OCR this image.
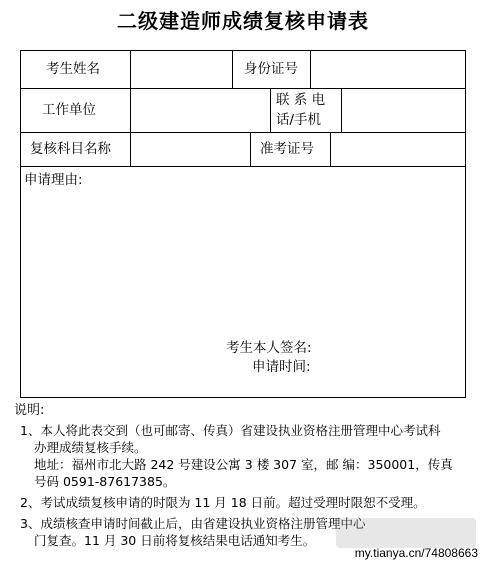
二级建造师成绩复核申请表
考生姓名	身份证号
工作单位
联 系 电
话/手机
复核科目名称	准考证号
申请理由:
考生本人签名:
申请时间:
说明:
1、本人将此表交到（也可邮寄、传真）省建设执业资格注册管理中心考试科
办理成绩复核手续。
地址：福州市北大路 242 号建设公寓 3 楼 307 室，邮 编：350001，传真
号码 0591-87617385。
2、考试成绩复核申请的时限为 11 月 18 日前。超过受理时限恕不受理。
3、成绩核查申请时间截止后，由省建设执业资格注册管理中心
门复查。11 月 30 日前将复核结果电话通知考生。
my.tianya.cn/74808663
